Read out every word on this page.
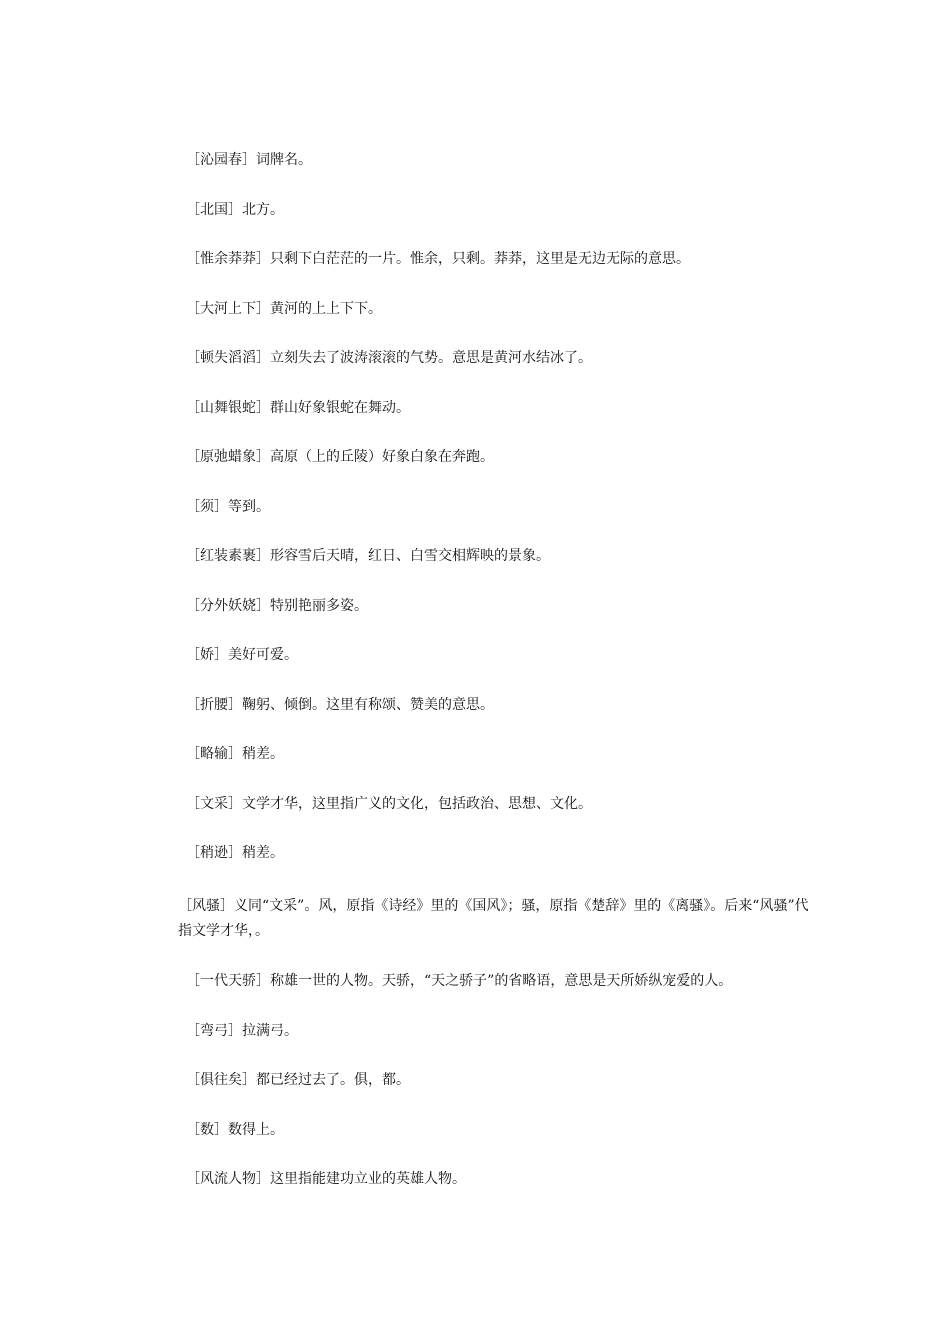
［沁园春］词牌名。
［北国］北方。
［惟余莽莽］只剩下白茫茫的一片。惟余，只剩。莽莽，这里是无边无际的意思。
［大河上下］黄河的上上下下。
［顿失滔滔］立刻失去了波涛滚滚的气势。意思是黄河水结冰了。
［山舞银蛇］群山好象银蛇在舞动。
［原弛蜡象］高原（上的丘陵）好象白象在奔跑。
［须］等到。
［红装素裹］形容雪后天晴，红日、白雪交相辉映的景象。
［分外妖娆］特别艳丽多姿。
［娇］美好可爱。
［折腰］鞠躬、倾倒。这里有称颂、赞美的意思。
［略输］稍差。
［文采］文学才华，这里指广义的文化，包括政治、思想、文化。
［稍逊］稍差。

［风骚］义同“文采”。风，原指《诗经》里的《国风》；骚，原指《楚辞》里的《离骚》。后来“风骚”代指文学才华，。

［一代天骄］称雄一世的人物。天骄，“天之骄子”的省略语，意思是天所娇纵宠爱的人。
［弯弓］拉满弓。
［俱往矣］都已经过去了。俱，都。
［数］数得上。
［风流人物］这里指能建功立业的英雄人物。
